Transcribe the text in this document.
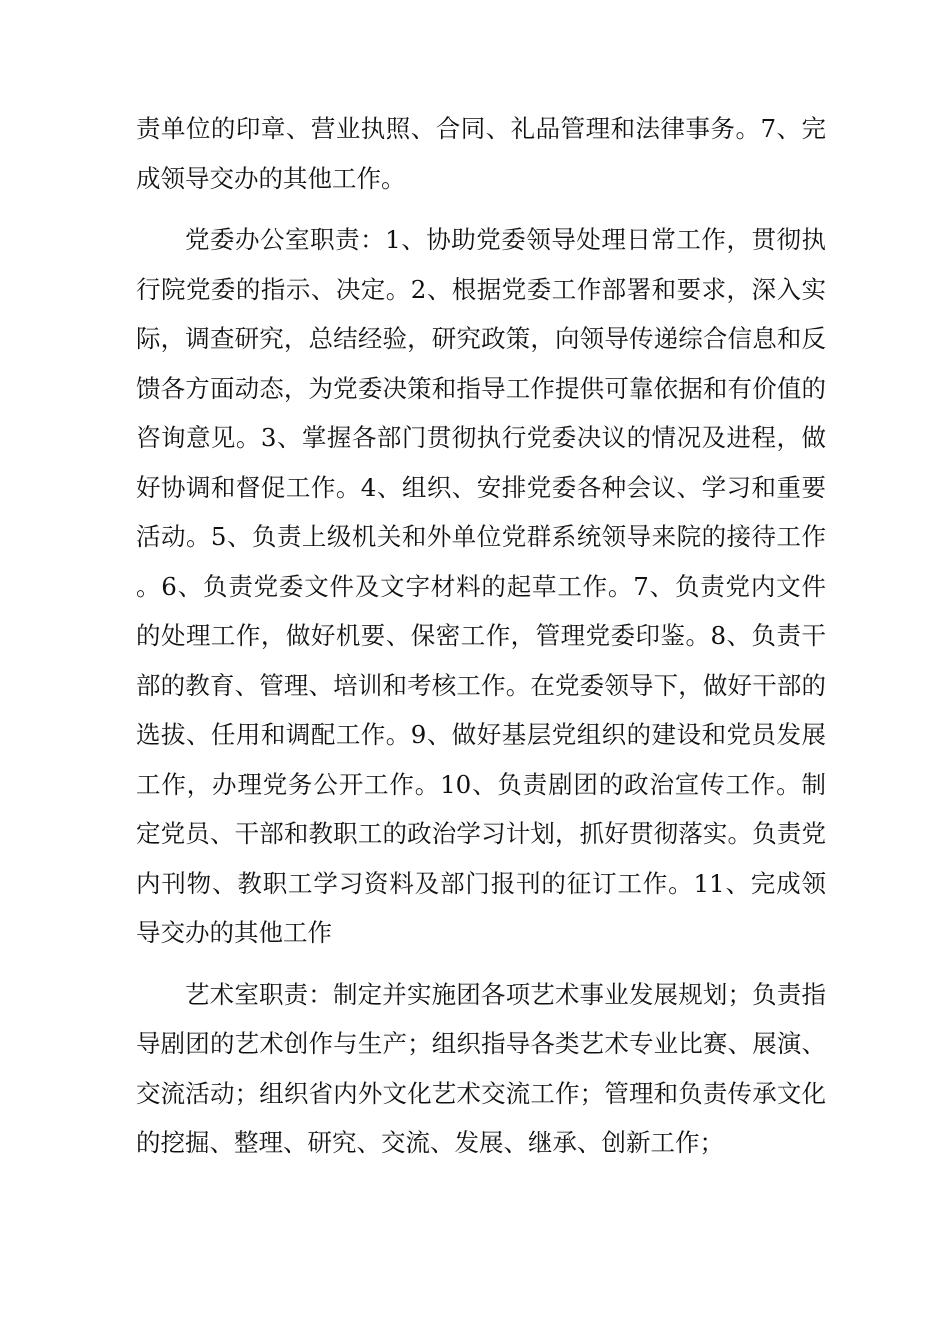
责单位的印章、营业执照、合同、礼品管理和法律事务。7、完成领导交办的其他工作。

党委办公室职责：1、协助党委领导处理日常工作，贯彻执行院党委的指示、决定。2、根据党委工作部署和要求，深入实际，调查研究，总结经验，研究政策，向领导传递综合信息和反馈各方面动态，为党委决策和指导工作提供可靠依据和有价值的咨询意见。3、掌握各部门贯彻执行党委决议的情况及进程，做好协调和督促工作。4、组织、安排党委各种会议、学习和重要活动。5、负责上级机关和外单位党群系统领导来院的接待工作。6、负责党委文件及文字材料的起草工作。7、负责党内文件的处理工作，做好机要、保密工作，管理党委印鉴。8、负责干部的教育、管理、培训和考核工作。在党委领导下，做好干部的选拔、任用和调配工作。9、做好基层党组织的建设和党员发展工作，办理党务公开工作。10、负责剧团的政治宣传工作。制定党员、干部和教职工的政治学习计划，抓好贯彻落实。负责党内刊物、教职工学习资料及部门报刊的征订工作。11、完成领导交办的其他工作

艺术室职责：制定并实施团各项艺术事业发展规划；负责指导剧团的艺术创作与生产；组织指导各类艺术专业比赛、展演、交流活动；组织省内外文化艺术交流工作；管理和负责传承文化的挖掘、整理、研究、交流、发展、继承、创新工作；
